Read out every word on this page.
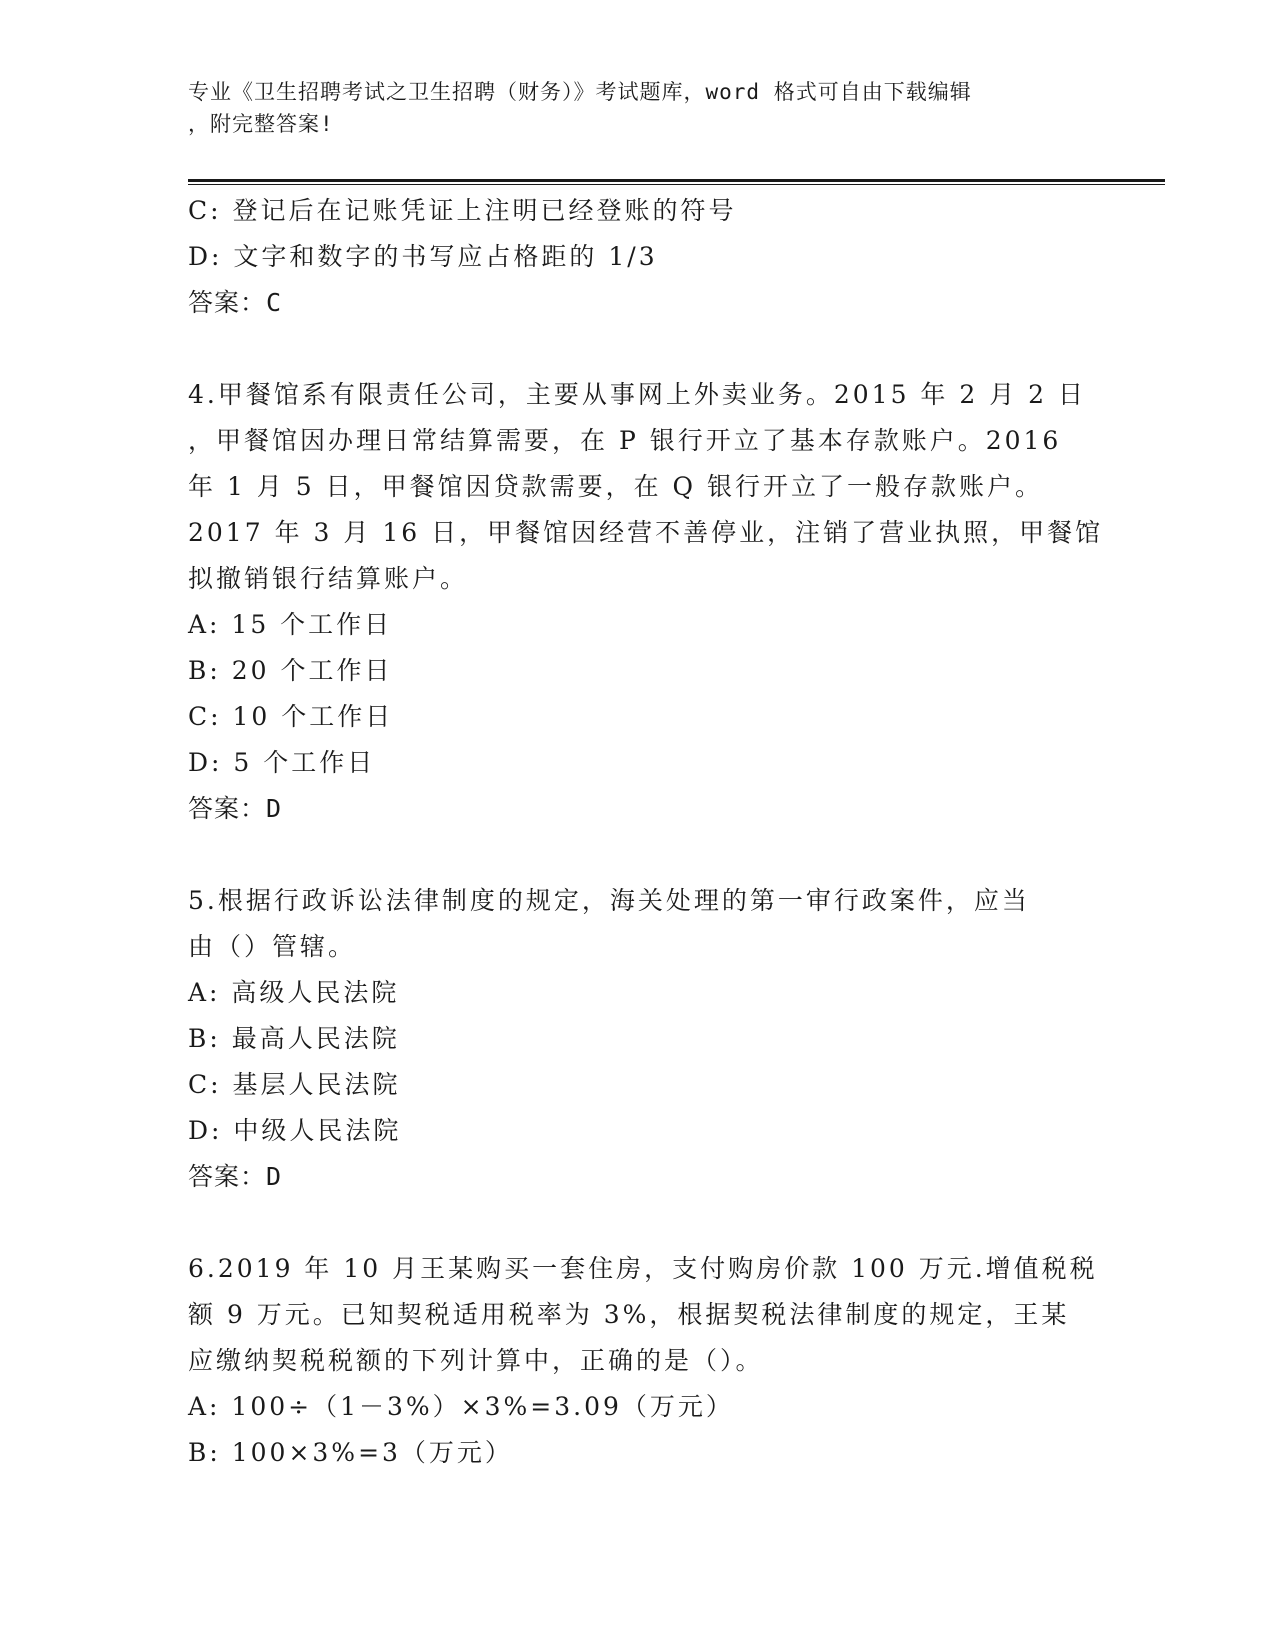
专业《卫生招聘考试之卫生招聘（财务）》考试题库，word 格式可自由下载编辑
，附完整答案!
C: 登记后在记账凭证上注明已经登账的符号
D: 文字和数字的书写应占格距的 1/3
答案：C
4.甲餐馆系有限责任公司，主要从事网上外卖业务。2015 年 2 月 2 日
，甲餐馆因办理日常结算需要，在 P 银行开立了基本存款账户。2016
年 1 月 5 日，甲餐馆因贷款需要，在 Q 银行开立了一般存款账户。
2017 年 3 月 16 日，甲餐馆因经营不善停业，注销了营业执照，甲餐馆
拟撤销银行结算账户。
A: 15 个工作日
B: 20 个工作日
C: 10 个工作日
D: 5 个工作日
答案：D
5.根据行政诉讼法律制度的规定，海关处理的第一审行政案件，应当
由（）管辖。
A: 高级人民法院
B: 最高人民法院
C: 基层人民法院
D: 中级人民法院
答案：D
6.2019 年 10 月王某购买一套住房，支付购房价款 100 万元.增值税税
额 9 万元。已知契税适用税率为 3%，根据契税法律制度的规定，王某
应缴纳契税税额的下列计算中，正确的是（）。
A: 100÷（1－3%）×3%=3.09（万元）
B: 100×3%=3（万元）
